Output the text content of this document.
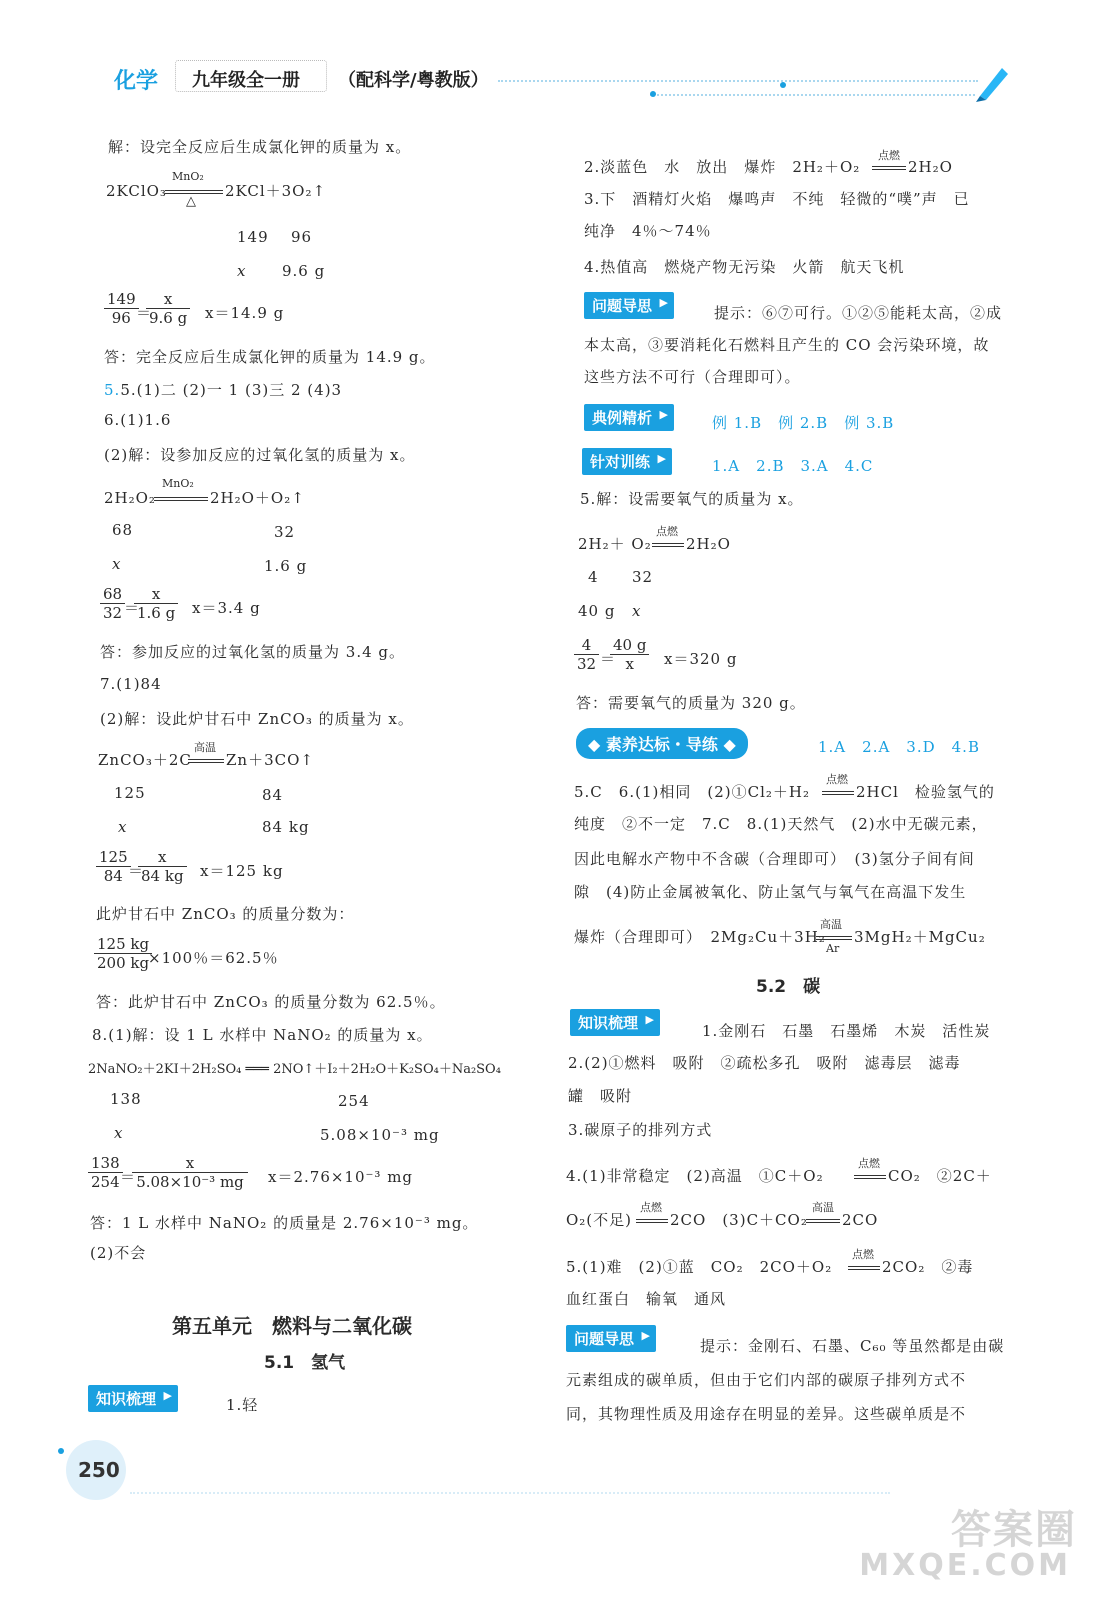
化学 九年级全一册 （配科学/粤教版）
解：设完全反应后生成氯化钾的质量为 x。
2KClO₃
MnO₂
△
2KCl＋3O₂↑
149 96
x 9.6 g
$\frac{149}{96}$
＝
$\frac{x}{9.6 g} x=14.9$ g
答：完全反应后生成氯化钾的质量为 14.9 g。
5.5.(1)二 (2)一 1 (3)三 2 (4)3
6.(1)1.6
(2)解：设参加反应的过氧化氢的质量为 x。
2H₂O₂
MnO₂
2H₂O＋O₂↑
68	32
x	1.6 g
$\frac{68}{32}$
＝
$\frac{x}{1.6 g} x=3.4$ g
答：参加反应的过氧化氢的质量为 3.4 g。
7.(1)84
(2)解：设此炉甘石中 ZnCO₃ 的质量为 x。
ZnCO₃＋2C
高温
Zn＋3CO↑
125	84
x	84 kg
$\frac{125}{84}$
＝
$\frac{x}{84 kg} x=125$ kg
此炉甘石中 ZnCO₃ 的质量分数为：
$\frac{125 kg}{200 kg}$
×100％＝62.5％
答：此炉甘石中 ZnCO₃ 的质量分数为 62.5％。
8.(1)解：设 1 L 水样中 NaNO₂ 的质量为 x。
2NaNO₂＋2KI＋2H₂SO₄ ═══ 2NO↑＋I₂＋2H₂O＋K₂SO₄＋Na₂SO₄
138	254
x	5.08×10⁻³ mg
$\frac{138}{254}$
＝
$\frac{x}{\text{5.08×10⁻³ mg}} x=2.76\times 10^{-3}$ mg
答：1 L 水样中 NaNO₂ 的质量是 2.76×10⁻³ mg。
(2)不会
第五单元　燃料与二氧化碳
5.1　氢气
知识梳理 ▶	1.轻
2.淡蓝色　水　放出　爆炸　2H₂＋O₂
点燃
2H₂O
3.下　酒精灯火焰　爆鸣声　不纯　轻微的“噗”声　已
纯净　4％～74％
4.热值高　燃烧产物无污染　火箭　航天飞机
问题导思 ▶	提示：⑥⑦可行。①②⑤能耗太高，②成
本太高，③要消耗化石燃料且产生的 CO 会污染环境，故
这些方法不可行（合理即可）。
典例精析 ▶	例 1.B　例 2.B　例 3.B
针对训练 ▶	1.A　2.B　3.A　4.C
5.解：设需要氧气的质量为 x。
2H₂＋ O₂
点燃
2H₂O
4 32
40 g x
$\frac{4}{32}$ ＝
$\frac{40 g}{x} x=320$ g
答：需要氧气的质量为 320 g。
◆ 素养达标・导练 ◆	1.A　2.A　3.D　4.B
5.C　6.(1)相同　(2)①Cl₂＋H₂
点燃
2HCl　检验氢气的
纯度　②不一定　7.C　8.(1)天然气　(2)水中无碳元素，
因此电解水产物中不含碳（合理即可）　(3)氢分子间有间
隙　(4)防止金属被氧化、防止氢气与氧气在高温下发生
爆炸（合理即可）　2Mg₂Cu＋3H₂
高温
Ar
3MgH₂＋MgCu₂
5.2　碳
知识梳理 ▶	1.金刚石　石墨　石墨烯　木炭　活性炭
2.(2)①燃料　吸附　②疏松多孔　吸附　滤毒层　滤毒
罐　吸附
3.碳原子的排列方式
4.(1)非常稳定　(2)高温　①C＋O₂
点燃
CO₂　②2C＋
O₂(不足)
点燃
2CO　(3)C＋CO₂
高温
2CO
5.(1)难　(2)①蓝　CO₂　2CO＋O₂
点燃
2CO₂　②毒
血红蛋白　输氧　通风
问题导思 ▶	提示：金刚石、石墨、C₆₀ 等虽然都是由碳
元素组成的碳单质，但由于它们内部的碳原子排列方式不
同，其物理性质及用途存在明显的差异。这些碳单质是不
250
答案圈
MXQE.COM
